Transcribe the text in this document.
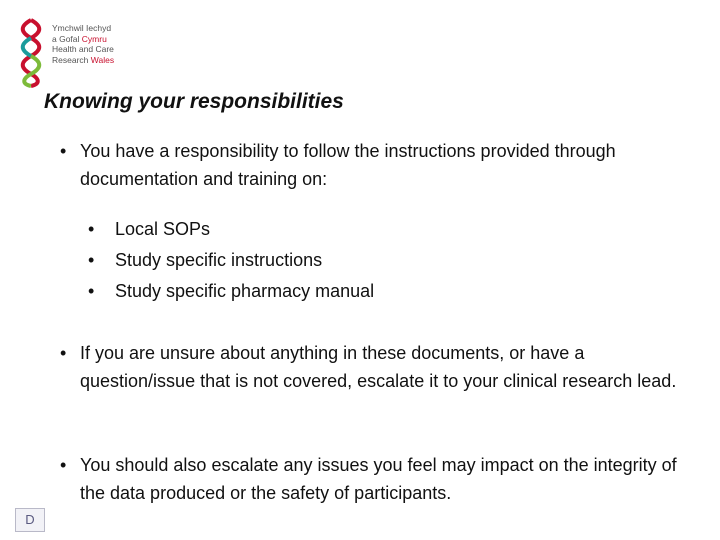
Ymchwil Iechyd
a Gofal Cymru
Health and Care
Research Wales
Knowing your responsibilities
• You have a responsibility to follow the instructions provided through documentation and training on:
• Local SOPs
• Study specific instructions
• Study specific pharmacy manual
• If you are unsure about anything in these documents, or have a question/issue that is not covered, escalate it to your clinical research lead.
• You should also escalate any issues you feel may impact on the integrity of the data produced or the safety of participants.
D
